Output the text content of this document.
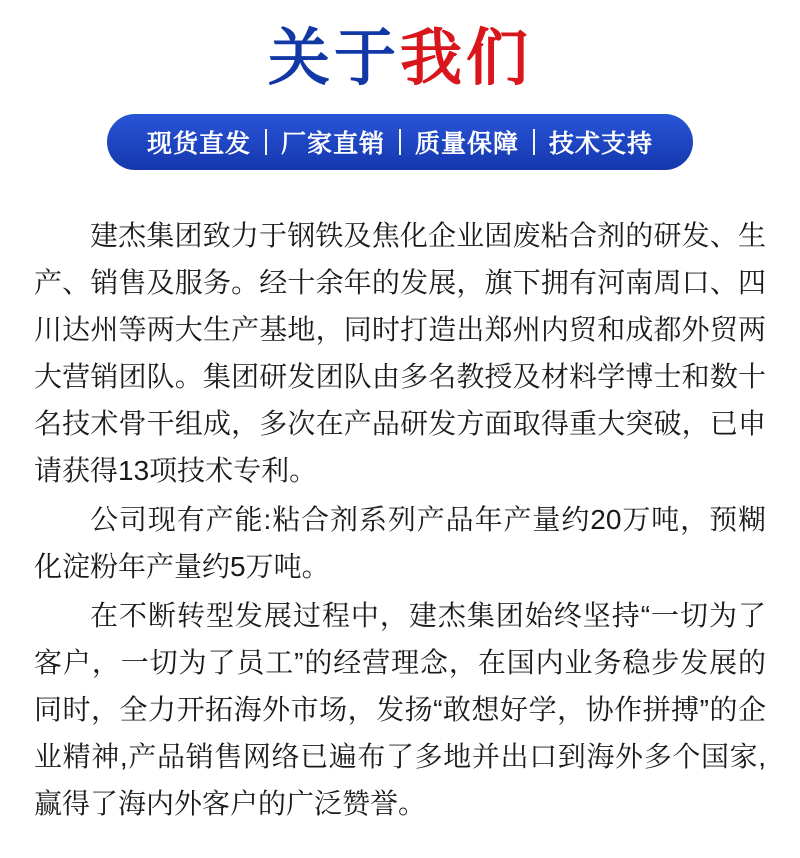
关于我们
现货直发	厂家直销	质量保障	技术支持

建杰集团致力于钢铁及焦化企业固废粘合剂的研发、生产、销售及服务。经十余年的发展，旗下拥有河南周口、四川达州等两大生产基地，同时打造出郑州内贸和成都外贸两大营销团队。集团研发团队由多名教授及材料学博士和数十名技术骨干组成，多次在产品研发方面取得重大突破，已申请获得13项技术专利。

公司现有产能:粘合剂系列产品年产量约20万吨，预糊化淀粉年产量约5万吨。

在不断转型发展过程中，建杰集团始终坚持“一切为了客户，一切为了员工”的经营理念，在国内业务稳步发展的同时，全力开拓海外市场，发扬“敢想好学，协作拼搏”的企业精神,产品销售网络已遍布了多地并出口到海外多个国家,赢得了海内外客户的广泛赞誉。
